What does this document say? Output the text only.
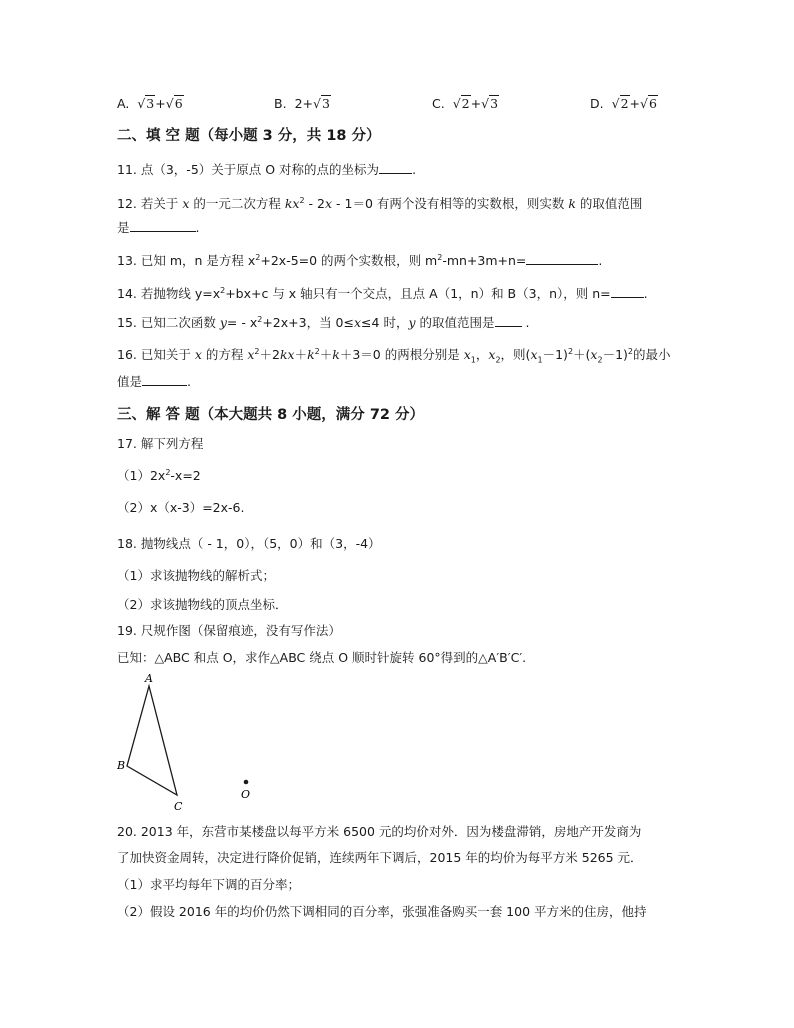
A. √3+√6	B. 2+√3	C. √2+√3	D. √2+√6
二、填 空 题（每小题 3 分，共 18 分）
11. 点（3，-5）关于原点 O 对称的点的坐标为	.
12. 若关于 x 的一元二次方程 $kx^2 - 2x - 1=0$ 有两个没有相等的实数根，则实数 k 的取值范围
是	.
13. 已知 m，n 是方程 $x^2+2x-5=0$ 的两个实数根，则 $m^2-mn+3m+n=$	.
14. 若抛物线 $y=x^2+bx+c$ 与 x 轴只有一个交点，且点 A（1，n）和 B（3，n），则 n=	.
15. 已知二次函数 $y= - x^2+2x+3$，当 0≤x≤4 时，y 的取值范围是 .
16. 已知关于 x 的方程 $x^2+2kx+k^2+k+3=0$ 的两根分别是 $x_1$，$x_2$，则$(x_1-1)^2+(x_2-1)^2$的最小
值是	.
三、解 答 题（本大题共 8 小题，满分 72 分）
17. 解下列方程
$(1)2x^2-x=2$
（2）x（x-3）=2x-6.
18. 抛物线点（ - 1，0），（5，0）和（3，-4）
（1）求该抛物线的解析式；
（2）求该抛物线的顶点坐标．
19. 尺规作图（保留痕迹，没有写作法）
已知：△ABC 和点 O，求作△ABC 绕点 O 顺时针旋转 60°得到的△A′B′C′.
A
B
C
O
20. 2013 年，东营市某楼盘以每平方米 6500 元的均价对外．因为楼盘滞销，房地产开发商为
了加快资金周转，决定进行降价促销，连续两年下调后，2015 年的均价为每平方米 5265 元．
（1）求平均每年下调的百分率；
（2）假设 2016 年的均价仍然下调相同的百分率，张强准备购买一套 100 平方米的住房，他持
